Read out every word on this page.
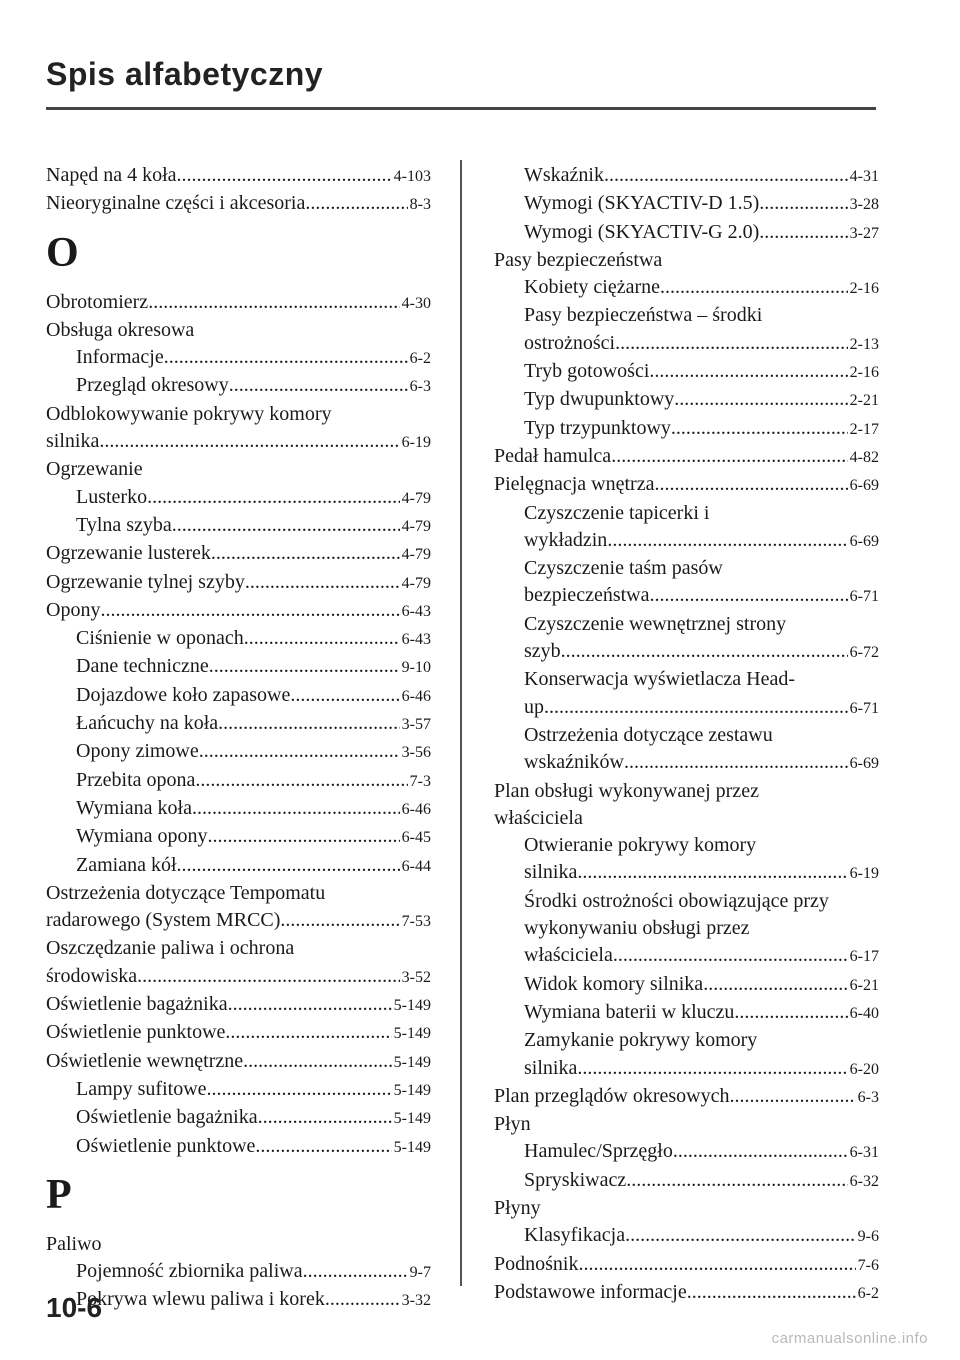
Spis alfabetyczny
Napęd na 4 koła .....	4-103
Nieoryginalne części i akcesoria .....	8-3
O
Obrotomierz .....	4-30
Obsługa okresowa
Informacje .....	6-2
Przegląd okresowy .....	6-3
Odblokowywanie pokrywy komory
silnika .....	6-19
Ogrzewanie
Lusterko .....	4-79
Tylna szyba .....	4-79
Ogrzewanie lusterek .....	4-79
Ogrzewanie tylnej szyby .....	4-79
Opony .....	6-43
Ciśnienie w oponach .....	6-43
Dane techniczne .....	9-10
Dojazdowe koło zapasowe .....	6-46
Łańcuchy na koła .....	3-57
Opony zimowe .....	3-56
Przebita opona .....	7-3
Wymiana koła .....	6-46
Wymiana opony .....	6-45
Zamiana kół .....	6-44
Ostrzeżenia dotyczące Tempomatu
radarowego (System MRCC) .....	7-53
Oszczędzanie paliwa i ochrona
środowiska .....	3-52
Oświetlenie bagażnika .....	5-149
Oświetlenie punktowe .....	5-149
Oświetlenie wewnętrzne .....	5-149
Lampy sufitowe .....	5-149
Oświetlenie bagażnika .....	5-149
Oświetlenie punktowe .....	5-149
P
Paliwo
Pojemność zbiornika paliwa .....	9-7
Pokrywa wlewu paliwa i korek .....	3-32
Wskaźnik .....	4-31
Wymogi (SKYACTIV-D 1.5) .....	3-28
Wymogi (SKYACTIV-G 2.0) .....	3-27
Pasy bezpieczeństwa
Kobiety ciężarne .....	2-16
Pasy bezpieczeństwa – środki
ostrożności .....	2-13
Tryb gotowości .....	2-16
Typ dwupunktowy .....	2-21
Typ trzypunktowy .....	2-17
Pedał hamulca .....	4-82
Pielęgnacja wnętrza .....	6-69
Czyszczenie tapicerki i
wykładzin .....	6-69
Czyszczenie taśm pasów
bezpieczeństwa .....	6-71
Czyszczenie wewnętrznej strony
szyb .....	6-72
Konserwacja wyświetlacza Head-
up .....	6-71
Ostrzeżenia dotyczące zestawu
wskaźników .....	6-69
Plan obsługi wykonywanej przez
właściciela
Otwieranie pokrywy komory
silnika .....	6-19
Środki ostrożności obowiązujące przy
wykonywaniu obsługi przez
właściciela .....	6-17
Widok komory silnika .....	6-21
Wymiana baterii w kluczu .....	6-40
Zamykanie pokrywy komory
silnika .....	6-20
Plan przeglądów okresowych .....	6-3
Płyn
Hamulec/Sprzęgło .....	6-31
Spryskiwacz .....	6-32
Płyny
Klasyfikacja .....	9-6
Podnośnik .....	7-6
Podstawowe informacje .....	6-2
10-6
carmanualsonline.info
